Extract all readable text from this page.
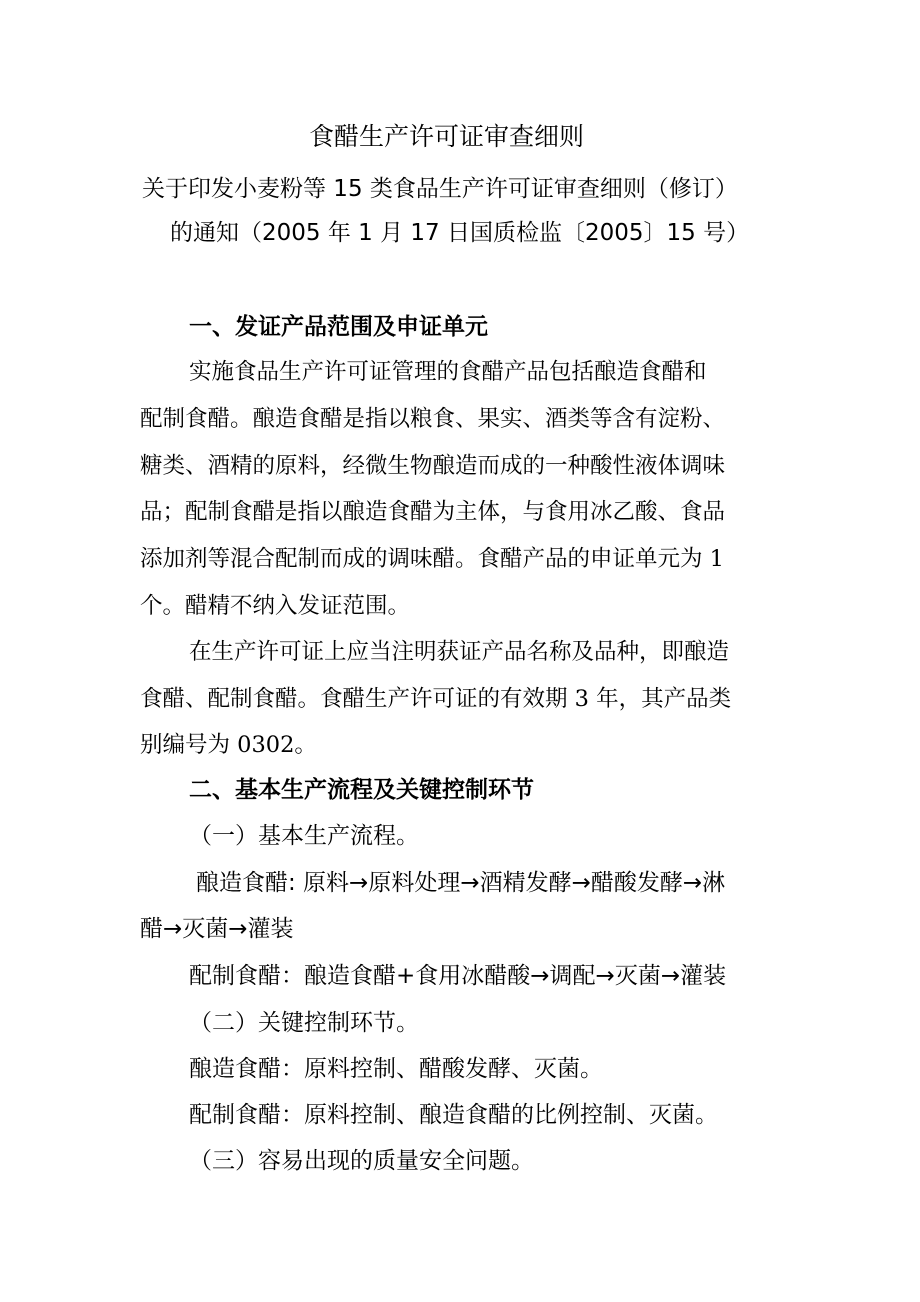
食醋生产许可证审查细则
关于印发小麦粉等 15 类食品生产许可证审查细则（修订）
的通知（2005 年 1 月 17 日国质检监〔2005〕15 号）
一、发证产品范围及申证单元
实施食品生产许可证管理的食醋产品包括酿造食醋和
配制食醋。酿造食醋是指以粮食、果实、酒类等含有淀粉、
糖类、酒精的原料，经微生物酿造而成的一种酸性液体调味
品；配制食醋是指以酿造食醋为主体，与食用冰乙酸、食品
添加剂等混合配制而成的调味醋。食醋产品的申证单元为 1
个。醋精不纳入发证范围。
在生产许可证上应当注明获证产品名称及品种，即酿造
食醋、配制食醋。食醋生产许可证的有效期 3 年，其产品类
别编号为 0302。
二、基本生产流程及关键控制环节
（一）基本生产流程。
酿造食醋: 原料→原料处理→酒精发酵→醋酸发酵→淋
醋→灭菌→灌装
配制食醋：酿造食醋+食用冰醋酸→调配→灭菌→灌装
（二）关键控制环节。
酿造食醋：原料控制、醋酸发酵、灭菌。
配制食醋：原料控制、酿造食醋的比例控制、灭菌。
（三）容易出现的质量安全问题。
